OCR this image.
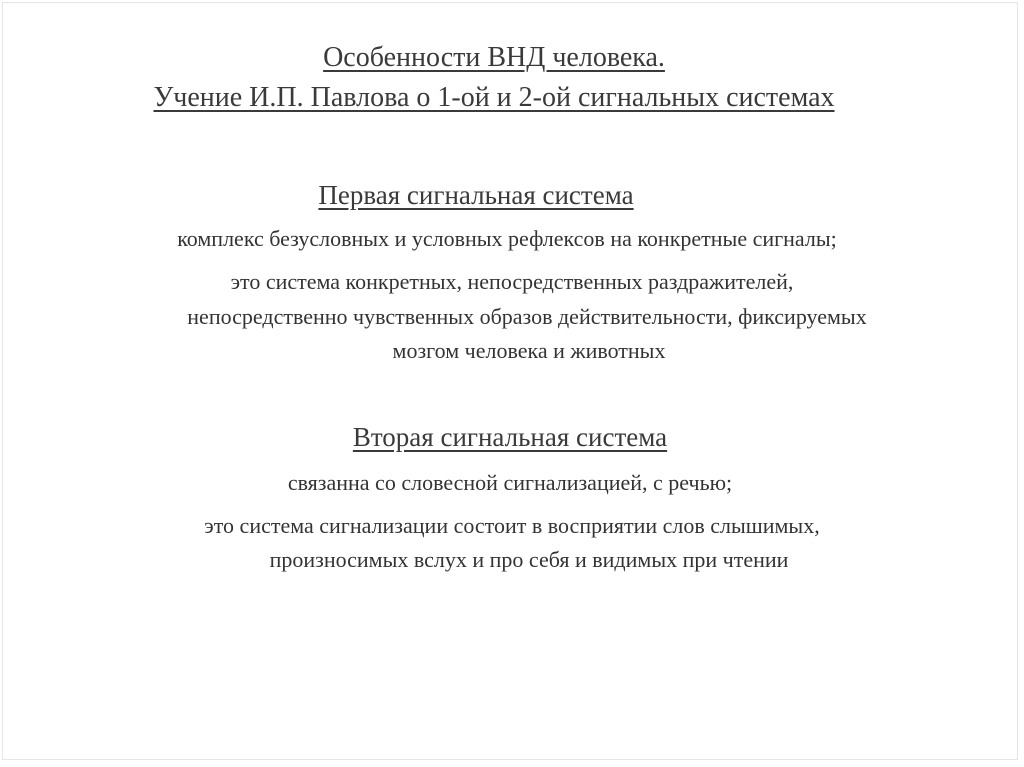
Особенности ВНД человека.
Учение И.П. Павлова о 1-ой и 2-ой сигнальных системах
Первая сигнальная система
комплекс безусловных и условных рефлексов на конкретные сигналы;
это система конкретных, непосредственных раздражителей,
непосредственно чувственных образов действительности, фиксируемых
мозгом человека и животных
Вторая сигнальная система
связанна со словесной сигнализацией, с речью;
это система сигнализации состоит в восприятии слов слышимых,
произносимых вслух и про себя и видимых при чтении
